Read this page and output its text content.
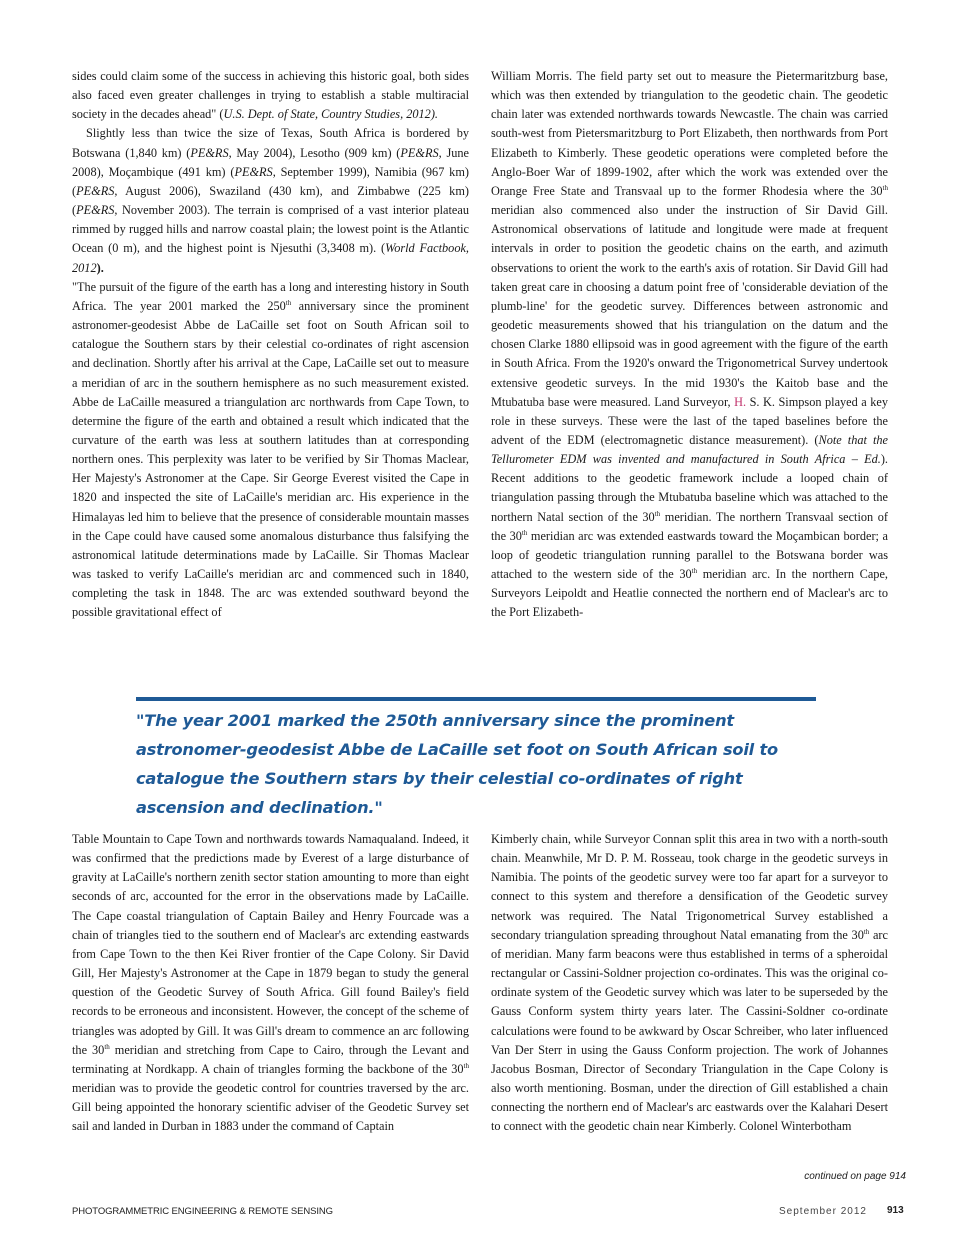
sides could claim some of the success in achieving this historic goal, both sides also faced even greater challenges in trying to establish a stable multiracial society in the decades ahead" (U.S. Dept. of State, Country Studies, 2012).

Slightly less than twice the size of Texas, South Africa is bordered by Botswana (1,840 km) (PE&RS, May 2004), Lesotho (909 km) (PE&RS, June 2008), Moçambique (491 km) (PE&RS, September 1999), Namibia (967 km) (PE&RS, August 2006), Swaziland (430 km), and Zimbabwe (225 km) (PE&RS, November 2003). The terrain is comprised of a vast interior plateau rimmed by rugged hills and narrow coastal plain; the lowest point is the Atlantic Ocean (0 m), and the highest point is Njesuthi (3,3408 m). (World Factbook, 2012).

"The pursuit of the figure of the earth has a long and interesting history in South Africa. The year 2001 marked the 250th anniversary since the prominent astronomer-geodesist Abbe de LaCaille set foot on South African soil to catalogue the Southern stars by their celestial co-ordinates of right ascension and declination. Shortly after his arrival at the Cape, LaCaille set out to measure a meridian of arc in the southern hemisphere as no such measurement existed. Abbe de LaCaille measured a triangulation arc northwards from Cape Town, to determine the figure of the earth and obtained a result which indicated that the curvature of the earth was less at southern latitudes than at corresponding northern ones. This perplexity was later to be verified by Sir Thomas Maclear, Her Majesty's Astronomer at the Cape. Sir George Everest visited the Cape in 1820 and inspected the site of LaCaille's meridian arc. His experience in the Himalayas led him to believe that the presence of considerable mountain masses in the Cape could have caused some anomalous disturbance thus falsifying the astronomical latitude determinations made by LaCaille. Sir Thomas Maclear was tasked to verify LaCaille's meridian arc and commenced such in 1840, completing the task in 1848. The arc was extended southward beyond the possible gravitational effect of

William Morris. The field party set out to measure the Pietermaritzburg base, which was then extended by triangulation to the geodetic chain. The geodetic chain later was extended northwards towards Newcastle. The chain was carried south-west from Pietersmaritzburg to Port Elizabeth, then northwards from Port Elizabeth to Kimberly. These geodetic operations were completed before the Anglo-Boer War of 1899-1902, after which the work was extended over the Orange Free State and Transvaal up to the former Rhodesia where the 30th meridian also commenced also under the instruction of Sir David Gill. Astronomical observations of latitude and longitude were made at frequent intervals in order to position the geodetic chains on the earth, and azimuth observations to orient the work to the earth's axis of rotation. Sir David Gill had taken great care in choosing a datum point free of 'considerable deviation of the plumb-line' for the geodetic survey. Differences between astronomic and geodetic measurements showed that his triangulation on the datum and the chosen Clarke 1880 ellipsoid was in good agreement with the figure of the earth in South Africa. From the 1920's onward the Trigonometrical Survey undertook extensive geodetic surveys. In the mid 1930's the Kaitob base and the Mtubatuba base were measured. Land Surveyor, H. S. K. Simpson played a key role in these surveys. These were the last of the taped baselines before the advent of the EDM (electromagnetic distance measurement). (Note that the Tellurometer EDM was invented and manufactured in South Africa – Ed.). Recent additions to the geodetic framework include a looped chain of triangulation passing through the Mtubatuba baseline which was attached to the northern Natal section of the 30th meridian. The northern Transvaal section of the 30th meridian arc was extended eastwards toward the Moçambican border; a loop of geodetic triangulation running parallel to the Botswana border was attached to the western side of the 30th meridian arc. In the northern Cape, Surveyors Leipoldt and Heatlie connected the northern end of Maclear's arc to the Port Elizabeth-

"The year 2001 marked the 250th anniversary since the prominent astronomer-geodesist Abbe de LaCaille set foot on South African soil to catalogue the Southern stars by their celestial co-ordinates of right ascension and declination."

Table Mountain to Cape Town and northwards towards Namaqualand. Indeed, it was confirmed that the predictions made by Everest of a large disturbance of gravity at LaCaille's northern zenith sector station amounting to more than eight seconds of arc, accounted for the error in the observations made by LaCaille. The Cape coastal triangulation of Captain Bailey and Henry Fourcade was a chain of triangles tied to the southern end of Maclear's arc extending eastwards from Cape Town to the then Kei River frontier of the Cape Colony. Sir David Gill, Her Majesty's Astronomer at the Cape in 1879 began to study the general question of the Geodetic Survey of South Africa. Gill found Bailey's field records to be erroneous and inconsistent. However, the concept of the scheme of triangles was adopted by Gill. It was Gill's dream to commence an arc following the 30th meridian and stretching from Cape to Cairo, through the Levant and terminating at Nordkapp. A chain of triangles forming the backbone of the 30th meridian was to provide the geodetic control for countries traversed by the arc. Gill being appointed the honorary scientific adviser of the Geodetic Survey set sail and landed in Durban in 1883 under the command of Captain

Kimberly chain, while Surveyor Connan split this area in two with a north-south chain. Meanwhile, Mr D. P. M. Rosseau, took charge in the geodetic surveys in Namibia. The points of the geodetic survey were too far apart for a surveyor to connect to this system and therefore a densification of the Geodetic survey network was required. The Natal Trigonometrical Survey established a secondary triangulation spreading throughout Natal emanating from the 30th arc of meridian. Many farm beacons were thus established in terms of a spheroidal rectangular or Cassini-Soldner projection co-ordinates. This was the original co-ordinate system of the Geodetic survey which was later to be superseded by the Gauss Conform system thirty years later. The Cassini-Soldner co-ordinate calculations were found to be awkward by Oscar Schreiber, who later influenced Van Der Sterr in using the Gauss Conform projection. The work of Johannes Jacobus Bosman, Director of Secondary Triangulation in the Cape Colony is also worth mentioning. Bosman, under the direction of Gill established a chain connecting the northern end of Maclear's arc eastwards over the Kalahari Desert to connect with the geodetic chain near Kimberly. Colonel Winterbotham

continued on page 914
PHOTOGRAMMETRIC ENGINEERING & REMOTE SENSING	September 2012 913
